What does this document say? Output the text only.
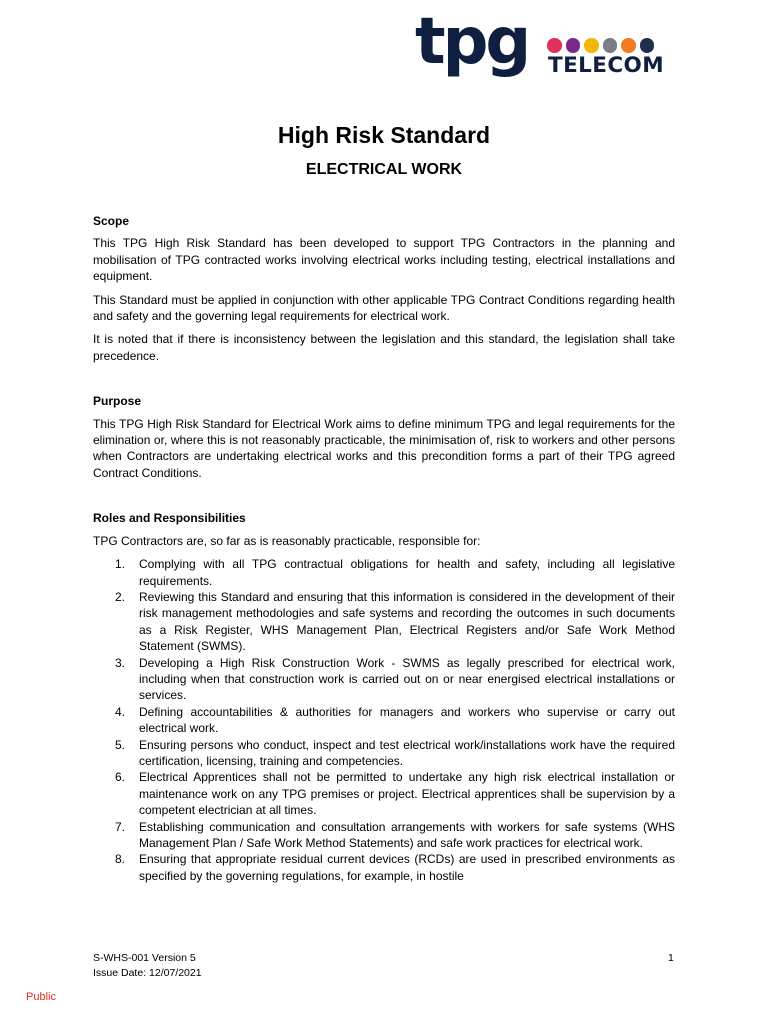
tpg TELECOM
High Risk Standard
ELECTRICAL WORK
Scope

This TPG High Risk Standard has been developed to support TPG Contractors in the planning and mobilisation of TPG contracted works involving electrical works including testing, electrical installations and equipment.

This Standard must be applied in conjunction with other applicable TPG Contract Conditions regarding health and safety and the governing legal requirements for electrical work.

It is noted that if there is inconsistency between the legislation and this standard, the legislation shall take precedence.

Purpose

This TPG High Risk Standard for Electrical Work aims to define minimum TPG and legal requirements for the elimination or, where this is not reasonably practicable, the minimisation of, risk to workers and other persons when Contractors are undertaking electrical works and this precondition forms a part of their TPG agreed Contract Conditions.

Roles and Responsibilities

TPG Contractors are, so far as is reasonably practicable, responsible for:

1. Complying with all TPG contractual obligations for health and safety, including all legislative requirements.
2. Reviewing this Standard and ensuring that this information is considered in the development of their risk management methodologies and safe systems and recording the outcomes in such documents as a Risk Register, WHS Management Plan, Electrical Registers and/or Safe Work Method Statement (SWMS).
3. Developing a High Risk Construction Work - SWMS as legally prescribed for electrical work, including when that construction work is carried out on or near energised electrical installations or services.
4. Defining accountabilities & authorities for managers and workers who supervise or carry out electrical work.
5. Ensuring persons who conduct, inspect and test electrical work/installations work have the required certification, licensing, training and competencies.
6. Electrical Apprentices shall not be permitted to undertake any high risk electrical installation or maintenance work on any TPG premises or project. Electrical apprentices shall be supervision by a competent electrician at all times.
7. Establishing communication and consultation arrangements with workers for safe systems (WHS Management Plan / Safe Work Method Statements) and safe work practices for electrical work.
8. Ensuring that appropriate residual current devices (RCDs) are used in prescribed environments as specified by the governing regulations, for example, in hostile
S-WHS-001 Version 5
Issue Date: 12/07/2021
1
Public
